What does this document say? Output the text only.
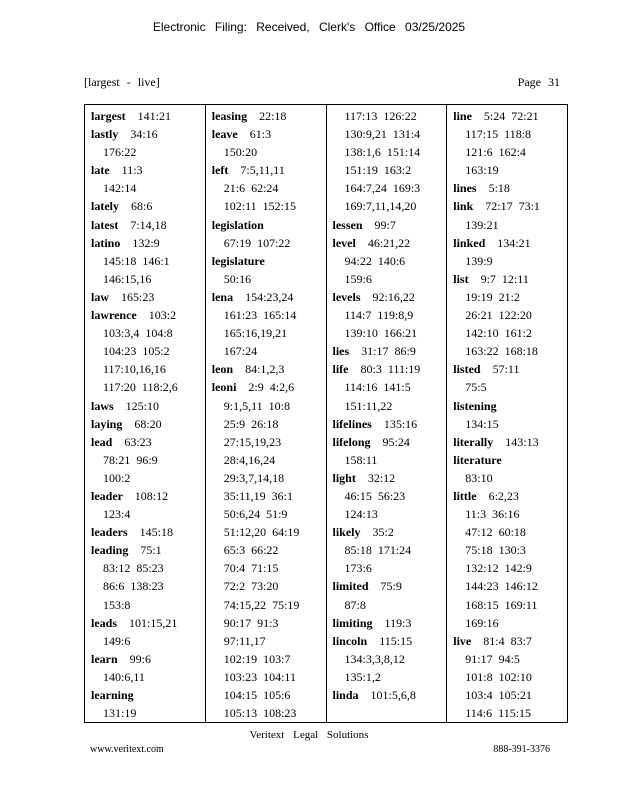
Electronic Filing: Received, Clerk's Office 03/25/2025
[largest - live]	Page 31
largest 141:21
lastly 34:16
176:22
late 11:3
142:14
lately 68:6
latest 7:14,18
latino 132:9
145:18  146:1
146:15,16
law 165:23
lawrence 103:2
103:3,4  104:8
104:23  105:2
117:10,16,16
117:20  118:2,6
laws 125:10
laying 68:20
lead 63:23
78:21  96:9
100:2
leader 108:12
123:4
leaders 145:18
leading 75:1
83:12  85:23
86:6  138:23
153:8
leads 101:15,21
149:6
learn 99:6
140:6,11
learning
131:19
leasing 22:18
leave 61:3
150:20
left 7:5,11,11
21:6  62:24
102:11  152:15
legislation
67:19  107:22
legislature
50:16
lena 154:23,24
161:23  165:14
165:16,19,21
167:24
leon 84:1,2,3
leoni 2:9  4:2,6
9:1,5,11  10:8
25:9  26:18
27:15,19,23
28:4,16,24
29:3,7,14,18
35:11,19  36:1
50:6,24  51:9
51:12,20  64:19
65:3  66:22
70:4  71:15
72:2  73:20
74:15,22  75:19
90:17  91:3
97:11,17
102:19  103:7
103:23  104:11
104:15  105:6
105:13  108:23
117:13  126:22
130:9,21  131:4
138:1,6  151:14
151:19  163:2
164:7,24  169:3
169:7,11,14,20
lessen 99:7
level 46:21,22
94:22  140:6
159:6
levels 92:16,22
114:7  119:8,9
139:10  166:21
lies 31:17  86:9
life 80:3  111:19
114:16  141:5
151:11,22
lifelines 135:16
lifelong 95:24
158:11
light 32:12
46:15  56:23
124:13
likely 35:2
85:18  171:24
173:6
limited 75:9
87:8
limiting 119:3
lincoln 115:15
134:3,3,8,12
135:1,2
linda 101:5,6,8
line 5:24  72:21
117:15  118:8
121:6  162:4
163:19
lines 5:18
link 72:17  73:1
139:21
linked 134:21
139:9
list 9:7  12:11
19:19  21:2
26:21  122:20
142:10  161:2
163:22  168:18
listed 57:11
75:5
listening
134:15
literally 143:13
literature
83:10
little 6:2,23
11:3  36:16
47:12  60:18
75:18  130:3
132:12  142:9
144:23  146:12
168:15  169:11
169:16
live 81:4  83:7
91:17  94:5
101:8  102:10
103:4  105:21
114:6  115:15
Veritext Legal Solutions
www.veritext.com	888-391-3376
